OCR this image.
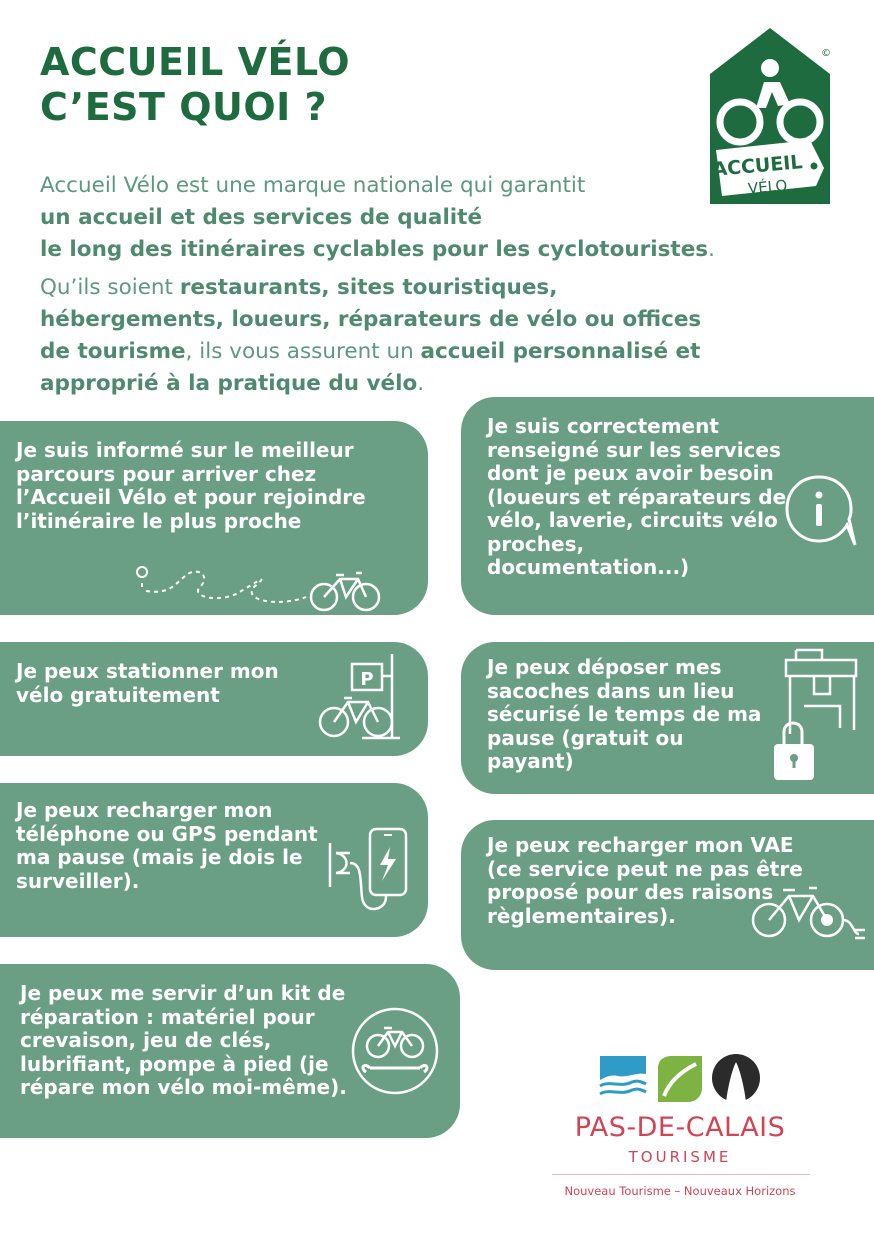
ACCUEIL VÉLO
C’EST QUOI ?
ACCUEIL
VÉLO
©

Accueil Vélo est une marque nationale qui garantit
un accueil et des services de qualité
le long des itinéraires cyclables pour les cyclotouristes.

Qu’ils soient restaurants, sites touristiques,
hébergements, loueurs, réparateurs de vélo ou offices
de tourisme, ils vous assurent un accueil personnalisé et
approprié à la pratique du vélo.

Je suis informé sur le meilleur parcours pour arriver chez l’Accueil Vélo et pour rejoindre l’itinéraire le plus proche
Je suis correctement renseigné sur les services dont je peux avoir besoin (loueurs et réparateurs de vélo, laverie, circuits vélo proches, documentation...)
Je peux stationner mon vélo gratuitement
P
Je peux déposer mes sacoches dans un lieu sécurisé le temps de ma pause (gratuit ou payant)
Je peux recharger mon téléphone ou GPS pendant ma pause (mais je dois le surveiller).
Je peux recharger mon VAE (ce service peut ne pas être proposé pour des raisons règlementaires).
Je peux me servir d’un kit de réparation : matériel pour crevaison, jeu de clés, lubrifiant, pompe à pied (je répare mon vélo moi-même).
PAS-DE-CALAIS
TOURISME
Nouveau Tourisme – Nouveaux Horizons
